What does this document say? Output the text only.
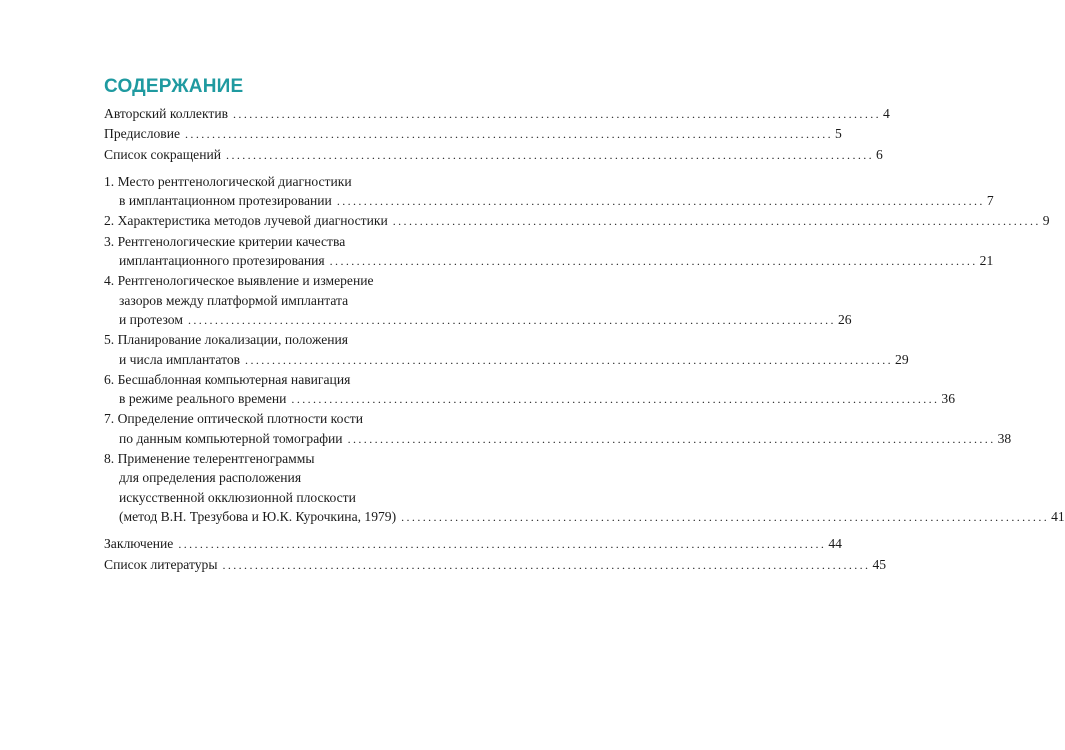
СОДЕРЖАНИЕ
Авторский коллектив ........................................................................................................................ 4
Предисловие ........................................................................................................................ 5
Список сокращений ........................................................................................................................ 6
1. Место рентгенологической диагностики
в имплантационном протезировании ........................................................................................................................ 7
2. Характеристика методов лучевой диагностики ........................................................................................................................ 9
3. Рентгенологические критерии качества
имплантационного протезирования ........................................................................................................................ 21
4. Рентгенологическое выявление и измерение
зазоров между платформой имплантата
и протезом ........................................................................................................................ 26
5. Планирование локализации, положения
и числа имплантатов ........................................................................................................................ 29
6. Бесшаблонная компьютерная навигация
в режиме реального времени ........................................................................................................................ 36
7. Определение оптической плотности кости
по данным компьютерной томографии ........................................................................................................................ 38
8. Применение телерентгенограммы
для определения расположения
искусственной окклюзионной плоскости
(метод В.Н. Трезубова и Ю.К. Курочкина, 1979) ........................................................................................................................ 41
Заключение ........................................................................................................................ 44
Список литературы ........................................................................................................................ 45
